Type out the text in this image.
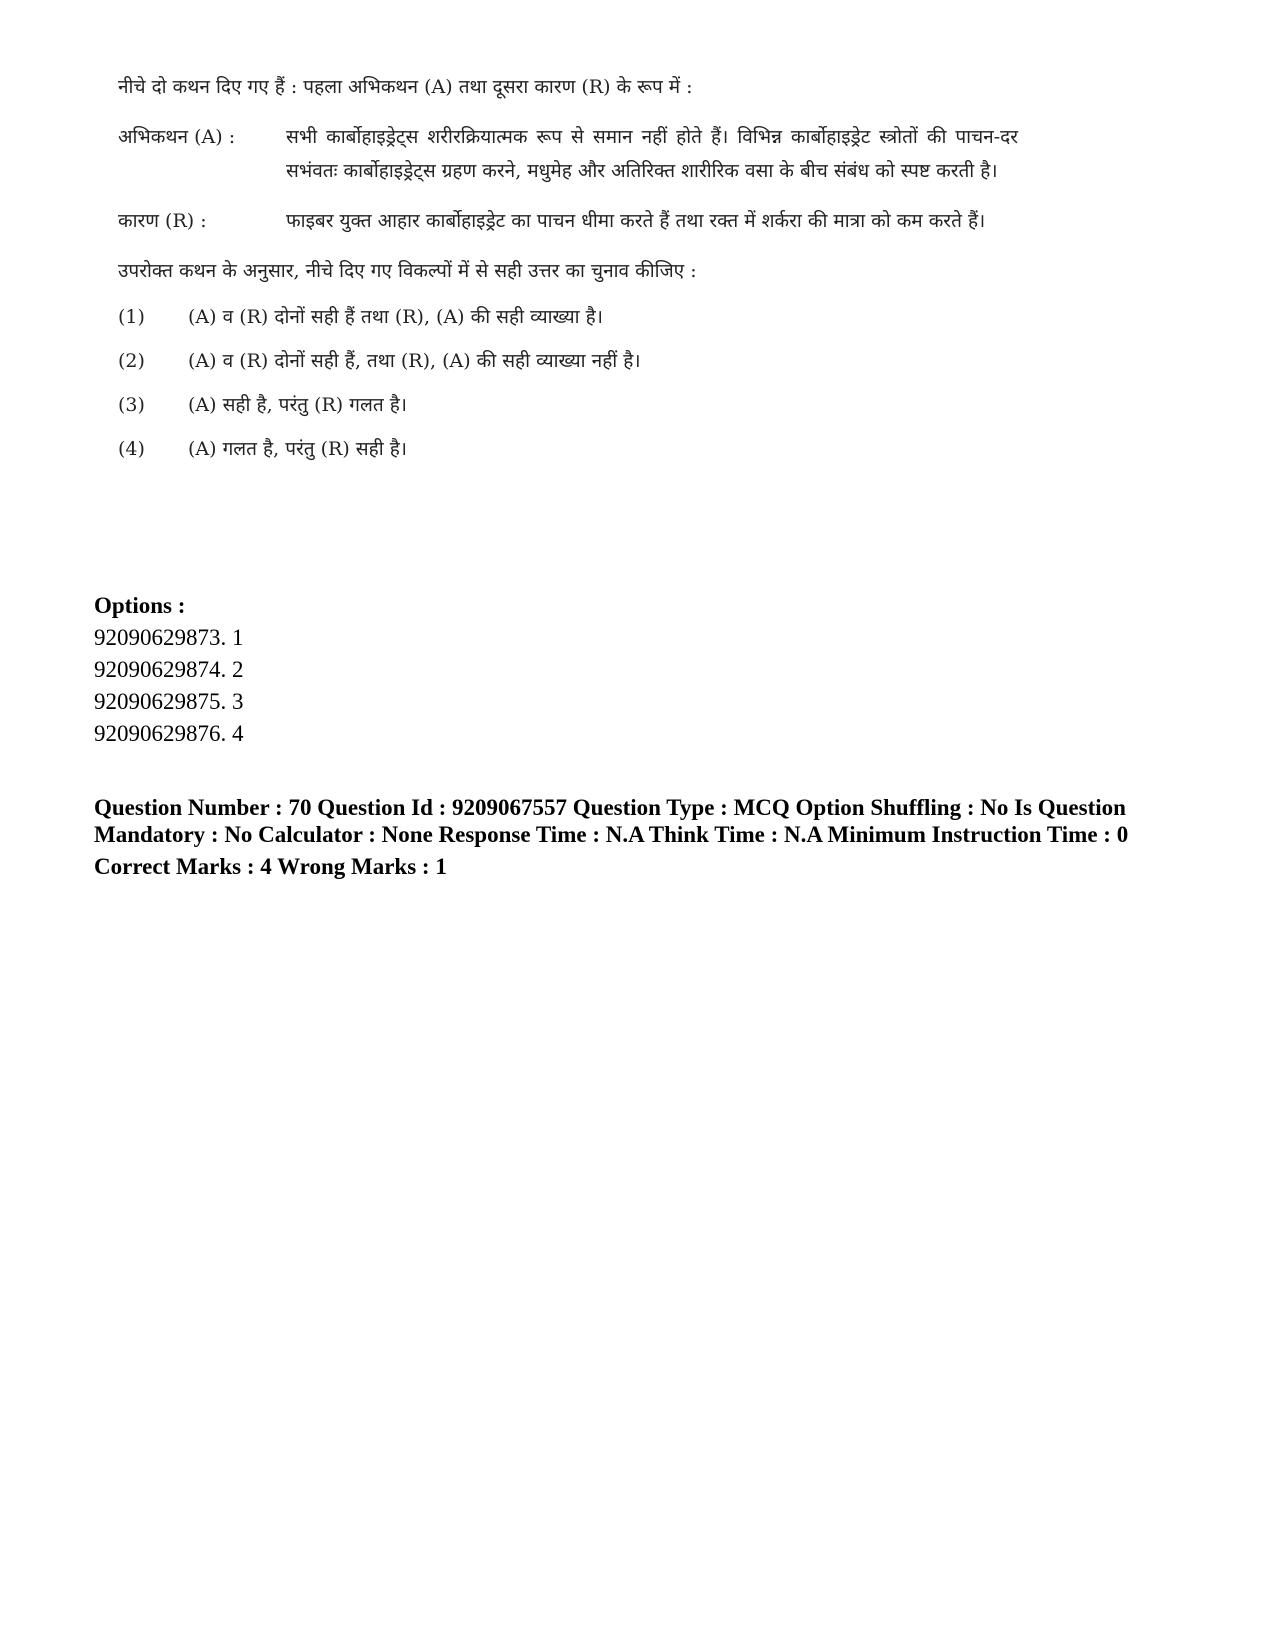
नीचे दो कथन दिए गए हैं : पहला अभिकथन (A) तथा दूसरा कारण (R) के रूप में :
अभिकथन (A) :	सभी कार्बोहाइड्रेट्स शरीरक्रियात्मक रूप से समान नहीं होते हैं। विभिन्न कार्बोहाइड्रेट स्त्रोतों की पाचन-दर सभंवतः कार्बोहाइड्रेट्स ग्रहण करने, मधुमेह और अतिरिक्त शारीरिक वसा के बीच संबंध को स्पष्ट करती है।
कारण (R) :	फाइबर युक्त आहार कार्बोहाइड्रेट का पाचन धीमा करते हैं तथा रक्त में शर्करा की मात्रा को कम करते हैं।
उपरोक्त कथन के अनुसार, नीचे दिए गए विकल्पों में से सही उत्तर का चुनाव कीजिए :
(1)	(A) व (R) दोनों सही हैं तथा (R), (A) की सही व्याख्या है।
(2)	(A) व (R) दोनों सही हैं, तथा (R), (A) की सही व्याख्या नहीं है।
(3)	(A) सही है, परंतु (R) गलत है।
(4)	(A) गलत है, परंतु (R) सही है।
Options :
92090629873. 1
92090629874. 2
92090629875. 3
92090629876. 4
Question Number : 70 Question Id : 9209067557 Question Type : MCQ Option Shuffling : No Is Question Mandatory : No Calculator : None Response Time : N.A Think Time : N.A Minimum Instruction Time : 0
Correct Marks : 4 Wrong Marks : 1
